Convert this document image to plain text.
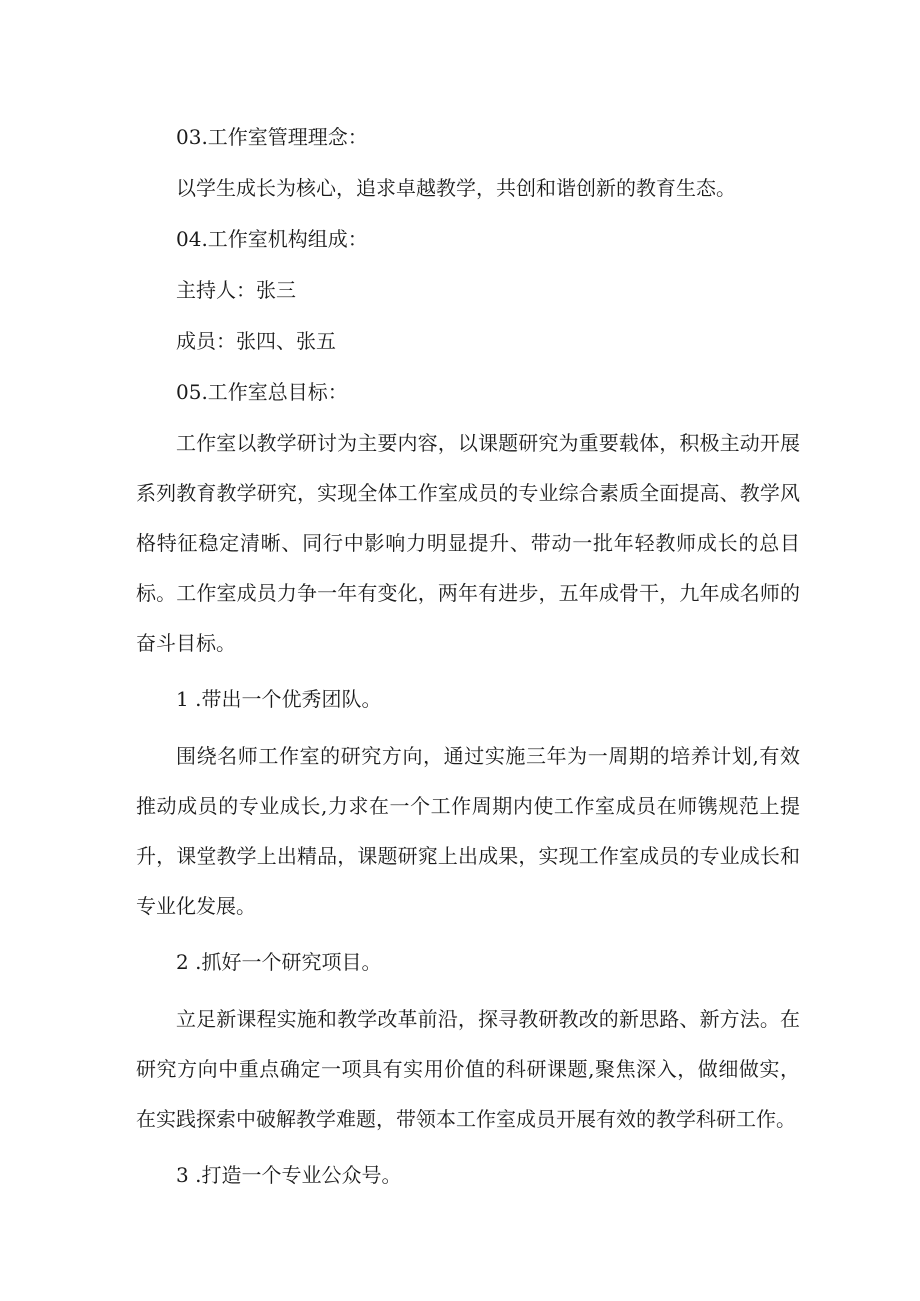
03.工作室管理理念：

以学生成长为核心，追求卓越教学，共创和谐创新的教育生态。

04.工作室机构组成：

主持人：张三

成员：张四、张五

05.工作室总目标：

工作室以教学研讨为主要内容，以课题研究为重要载体，积极主动开展系列教育教学研究，实现全体工作室成员的专业综合素质全面提高、教学风格特征稳定清晰、同行中影响力明显提升、带动一批年轻教师成长的总目标。工作室成员力争一年有变化，两年有进步，五年成骨干，九年成名师的奋斗目标。

1 .带出一个优秀团队。

围绕名师工作室的研究方向，通过实施三年为一周期的培养计划,有效推动成员的专业成长,力求在一个工作周期内使工作室成员在师镌规范上提升，课堂教学上出精品，课题研窕上出成果，实现工作室成员的专业成长和专业化发展。

2 .抓好一个研究项目。

立足新课程实施和教学改革前沿，探寻教研教改的新思路、新方法。在研究方向中重点确定一项具有实用价值的科研课题,聚焦深入，做细做实，在实践探索中破解教学难题，带领本工作室成员开展有效的教学科研工作。

3 .打造一个专业公众号。
